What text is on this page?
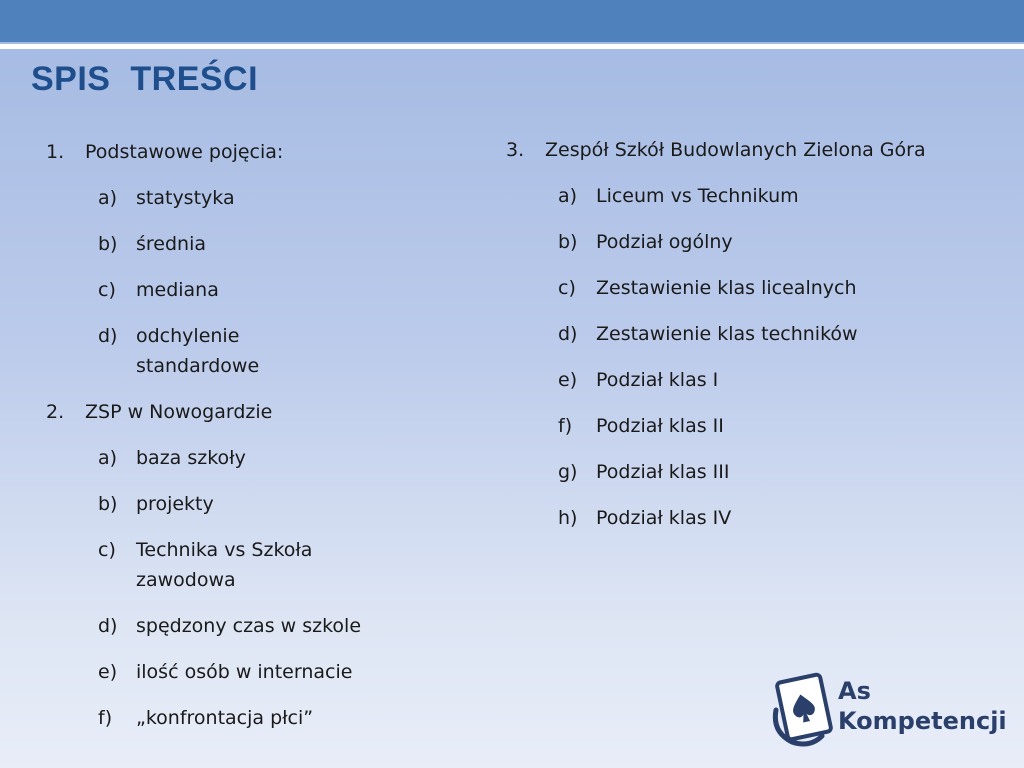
SPIS  TREŚCI
1.	Podstawowe pojęcia:
a) statystyka
b) średnia
c)	mediana
d) odchylenie standardowe
2.	ZSP w Nowogardzie
a) baza szkoły
b) projekty
c)	Technika vs Szkoła zawodowa
d) spędzony czas w szkole
e) ilość osób w internacie
f)	„konfrontacja płci”
3.	Zespół Szkół Budowlanych Zielona Góra
a) Liceum vs Technikum
b) Podział ogólny
c)	Zestawienie klas licealnych
d) Zestawienie klas techników
e) Podział klas I
f)	Podział klas II
g) Podział klas III
h) Podział klas IV
As
Kompetencji
